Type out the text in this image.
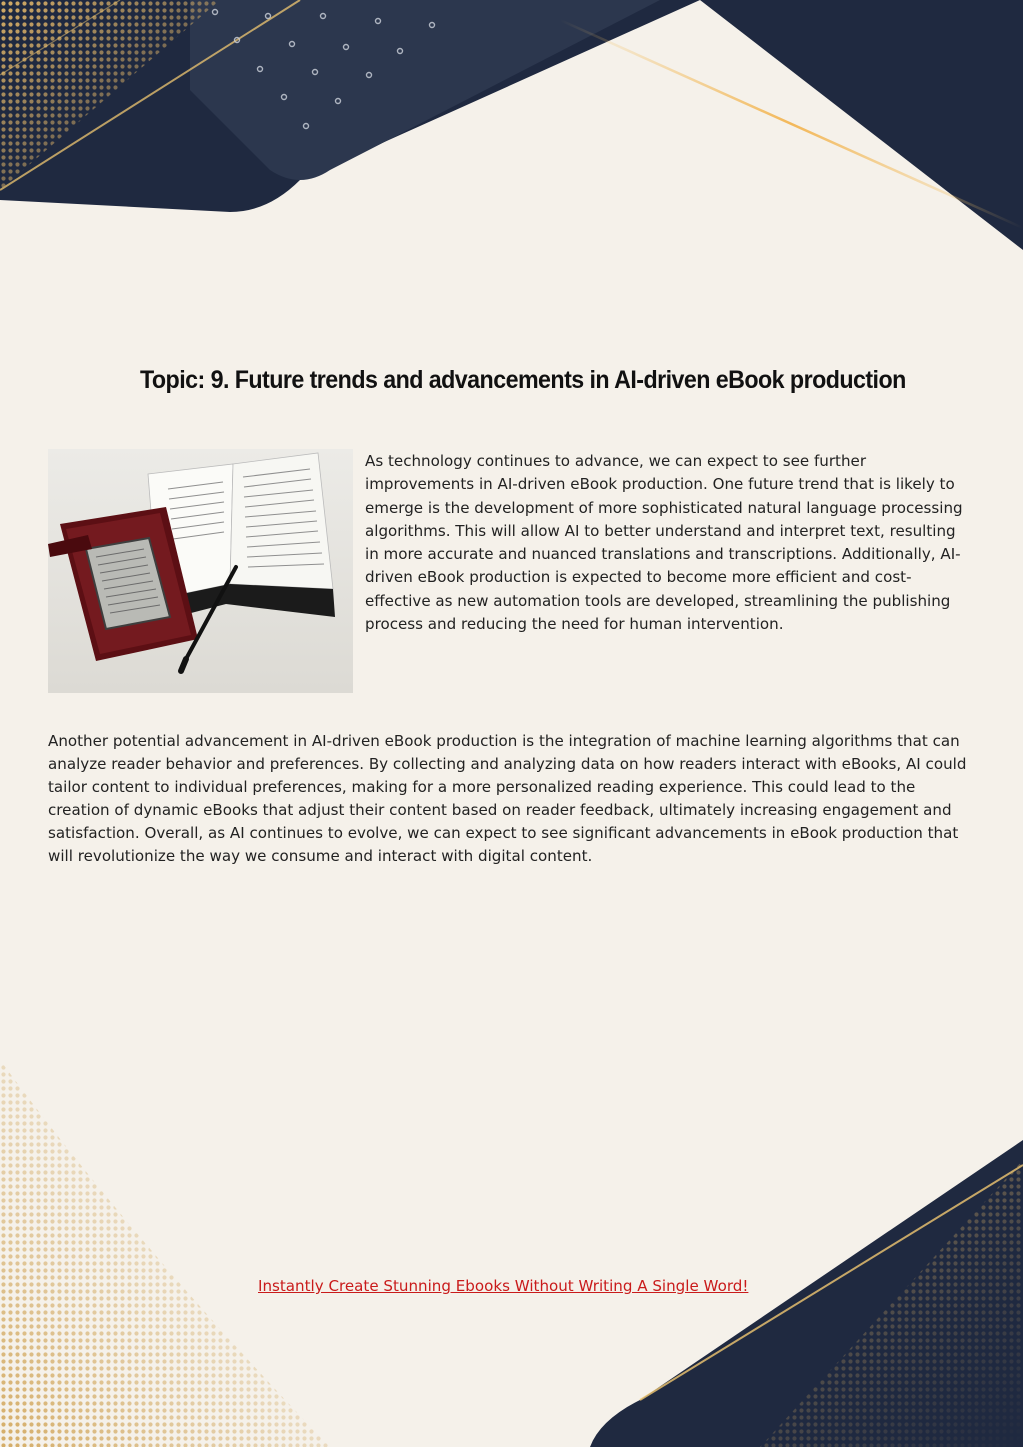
Topic: 9. Future trends and advancements in AI-driven eBook production

As technology continues to advance, we can expect to see further improvements in AI-driven eBook production. One future trend that is likely to emerge is the development of more sophisticated natural language processing algorithms. This will allow AI to better understand and interpret text, resulting in more accurate and nuanced translations and transcriptions. Additionally, AI-driven eBook production is expected to become more efficient and cost-effective as new automation tools are developed, streamlining the publishing process and reducing the need for human intervention.

Another potential advancement in AI-driven eBook production is the integration of machine learning algorithms that can analyze reader behavior and preferences. By collecting and analyzing data on how readers interact with eBooks, AI could tailor content to individual preferences, making for a more personalized reading experience. This could lead to the creation of dynamic eBooks that adjust their content based on reader feedback, ultimately increasing engagement and satisfaction. Overall, as AI continues to evolve, we can expect to see significant advancements in eBook production that will revolutionize the way we consume and interact with digital content.

Instantly Create Stunning Ebooks Without Writing A Single Word!
